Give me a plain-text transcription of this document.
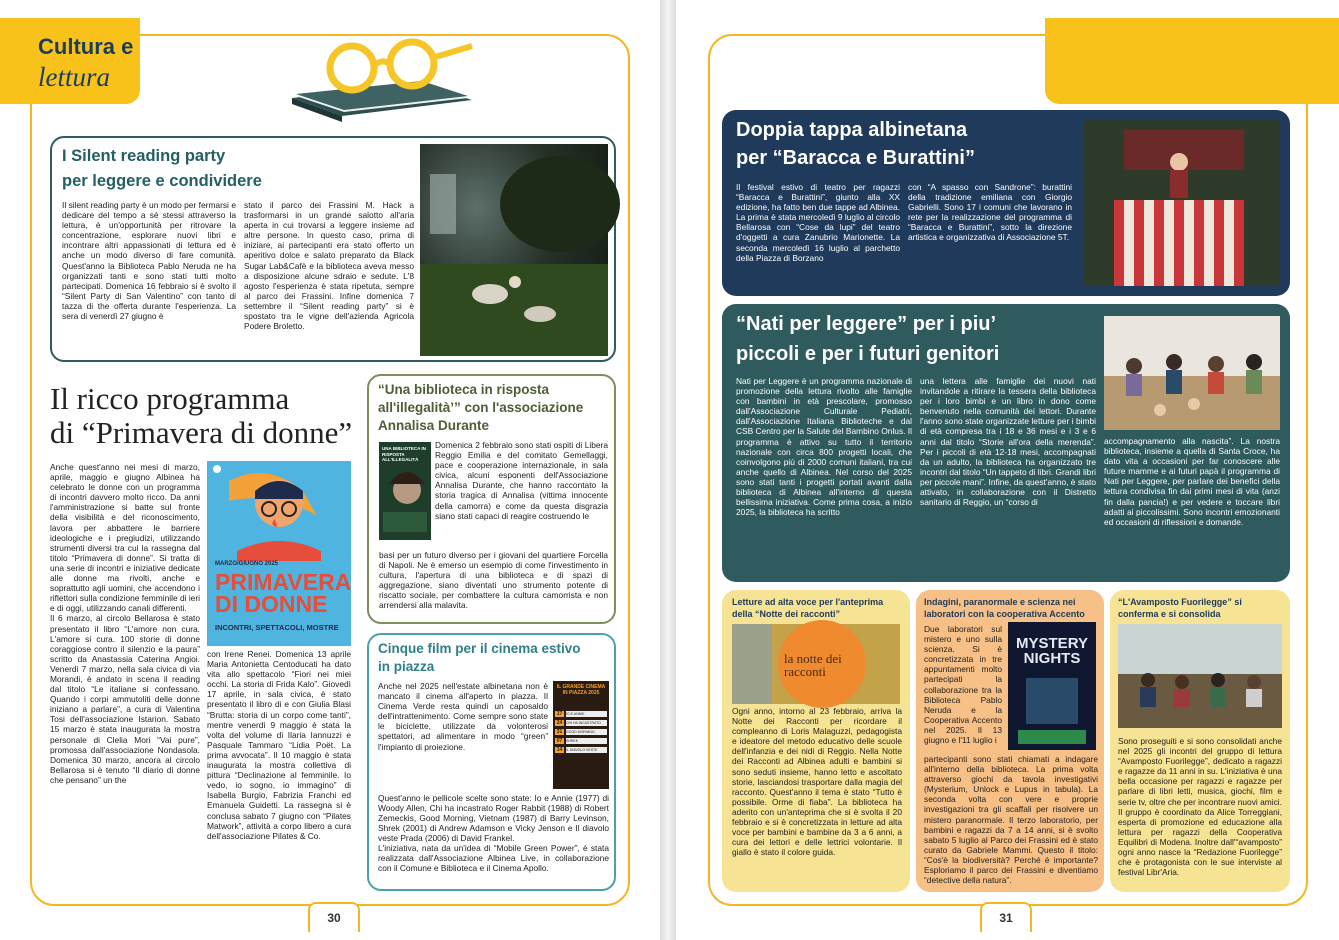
Cultura e
lettura
I Silent reading party
per leggere e condividere
Il silent reading party è un modo per fermarsi e dedicare del tempo a sé stessi attraverso la lettura, è un'opportunità per ritrovare la concentrazione, esplorare nuovi libri e incontrare altri appassionati di lettura ed è anche un modo diverso di fare comunità. Quest'anno la Biblioteca Pablo Neruda ne ha organizzati tanti e sono stati tutti molto partecipati. Domenica 16 febbraio si è svolto il “Silent Party di San Valentino” con tanto di tazza di the offerta durante l'esperienza. La sera di venerdì 27 giugno è
stato il parco dei Frassini M. Hack a trasformarsi in un grande salotto all'aria aperta in cui trovarsi a leggere insieme ad altre persone. In questo caso, prima di iniziare, ai partecipanti era stato offerto un aperitivo dolce e salato preparato da Black Sugar Lab&Cafè e la biblioteca aveva messo a disposizione alcune sdraio e sedute. L'8 agosto l'esperienza è stata ripetuta, sempre al parco dei Frassini. Infine domenica 7 settembre il “Silent reading party” si è spostato tra le vigne dell'azienda Agricola Podere Broletto.
Il ricco programma
di “Primavera di donne”
Anche quest'anno nei mesi di marzo, aprile, maggio e giugno Albinea ha celebrato le donne con un programma di incontri davvero molto ricco. Da anni l'amministrazione si batte sul fronte della visibilità e del riconoscimento, lavora per abbattere le barriere ideologiche e i pregiudizi, utilizzando strumenti diversi tra cui la rassegna dal titolo “Primavera di donne”. Si tratta di una serie di incontri e iniziative dedicate alle donne ma rivolti, anche e soprattutto agli uomini, che accendono i riflettori sulla condizione femminile di ieri e di oggi, utilizzando canali differenti.
Il 6 marzo, al circolo Bellarosa è stato presentato il libro “L'amore non cura. L'amore si cura. 100 storie di donne coraggiose contro il silenzio e la paura” scritto da Anastassia Caterina Angioi. Venerdì 7 marzo, nella sala civica di via Morandi, è andato in scena il reading dal titolo “Le italiane si confessano. Quando i corpi ammutoliti delle donne iniziano a parlare”, a cura di Valentina Tosi dell'associazione Istarion. Sabato 15 marzo è stata inaugurata la mostra personale di Clelia Mori “Vai pure”, promossa dall'associazione Nondasola. Domenica 30 marzo, ancora al circolo Bellarosa si è tenuto “Il diario di donne che pensano” un the
MARZO/GIUGNO 2025
PRIMAVERA
DI DONNE
INCONTRI, SPETTACOLI, MOSTRE
con Irene Renei. Domenica 13 aprile Maria Antonietta Centoducati ha dato vita allo spettacolo “Fiori nei miei occhi. La storia di Frida Kalo”. Giovedì 17 aprile, in sala civica, è stato presentato il libro di e con Giulia Blasi “Brutta: storia di un corpo come tanti”, mentre venerdì 9 maggio è stata la volta del volume di Ilaria Iannuzzi e Pasquale Tammaro “Lidia Poët. La prima avvocata”. Il 10 maggio è stata inaugurata la mostra collettiva di pittura “Declinazione al femminile. Io vedo, io sogno, io immagino” di Isabella Burgio, Fabrizia Franchi ed Emanuela Guidetti. La rassegna si è conclusa sabato 7 giugno con “Pilates Matwork”, attività a corpo libero a cura dell'associazione Pilates & Co.
“Una biblioteca in risposta
all'illegalità’” con l'associazione
Annalisa Durante
UNA BIBLIOTECA IN RISPOSTA ALL'ILLEGALITÀ
Domenica 2 febbraio sono stati ospiti di Libera Reggio Emilia e del comitato Gemellaggi, pace e cooperazione internazionale, in sala civica, alcuni esponenti dell'Associazione Annalisa Durante, che hanno raccontato la storia tragica di Annalisa (vittima innocente della camorra) e come da questa disgrazia siano stati capaci di reagire costruendo le
basi per un futuro diverso per i giovani del quartiere Forcella di Napoli. Ne è emerso un esempio di come l'investimento in cultura, l'apertura di una biblioteca e di spazi di aggregazione, siano diventati uno strumento potente di riscatto sociale, per combattere la cultura camorrista e non arrendersi alla malavita.
Cinque film per il cinema estivo
in piazza
Anche nel 2025 nell'estate albinetana non è mancato il cinema all'aperto in piazza. Il Cinema Verde resta quindi un caposaldo dell'intrattenimento. Come sempre sono state le biciclette, utilizzate da volonterosi spettatori, ad alimentare in modo “green” l'impianto di proiezione.
IL GRANDE CINEMA IN PIAZZA 2025
17	IO E ANNIE
24	CHI HA INCASTRATO
31	GOOD MORNING,
07	SHREK
14	IL DIAVOLO VESTE PRADA
Quest'anno le pellicole scelte sono state: Io e Annie (1977) di Woody Allen, Chi ha incastrato Roger Rabbit (1988) di Robert Zemeckis, Good Morning, Vietnam (1987) di Barry Levinson, Shrek (2001) di Andrew Adamson e Vicky Jenson e Il diavolo veste Prada (2006) di David Frankel.
L'iniziativa, nata da un'idea di “Mobile Green Power”, è stata realizzata dall'Associazione Albinea Live, in collaborazione con il Comune e Biblioteca e il Cinema Apollo.
30
Doppia tappa albinetana
per “Baracca e Burattini”
Il festival estivo di teatro per ragazzi “Baracca e Burattini”, giunto alla XX edizione, ha fatto ben due tappe ad Albinea. La prima è stata mercoledì 9 luglio al circolo Bellarosa con “Cose da lupi” del teatro d'oggetti a cura Zanubrio Marionette. La seconda mercoledì 16 luglio al parchetto della Piazza di Borzano
con “A spasso con Sandrone”: burattini della tradizione emiliana con Giorgio Gabrielli. Sono 17 i comuni che lavorano in rete per la realizzazione del programma di “Baracca e Burattini”, sotto la direzione artistica e organizzativa di Associazione 5T.
“Nati per leggere” per i piu’
piccoli e per i futuri genitori
Nati per Leggere è un programma nazionale di promozione della lettura rivolto alle famiglie con bambini in età prescolare, promosso dall'Associazione Culturale Pediatri, dall'Associazione Italiana Biblioteche e dal CSB Centro per la Salute del Bambino Onlus. Il programma è attivo su tutto il territorio nazionale con circa 800 progetti locali, che coinvolgono più di 2000 comuni italiani, tra cui anche quello di Albinea. Nel corso del 2025 sono stati tanti i progetti portati avanti dalla biblioteca di Albinea all'interno di questa bellissima iniziativa. Come prima cosa, a inizio 2025, la biblioteca ha scritto
una lettera alle famiglie dei nuovi nati invitandole a ritirare la tessera della biblioteca per i loro bimbi e un libro in dono come benvenuto nella comunità dei lettori. Durante l'anno sono state organizzate letture per i bimbi di età compresa tra i 18 e 36 mesi e i 3 e 6 anni dal titolo “Storie all'ora della merenda”. Per i piccoli di età 12-18 mesi, accompagnati da un adulto, la biblioteca ha organizzato tre incontri dal titolo “Un tappeto di libri. Grandi libri per piccole mani”. Infine, da quest'anno, è stato attivato, in collaborazione con il Distretto sanitario di Reggio, un “corso di
accompagnamento alla nascita”. La nostra biblioteca, insieme a quella di Santa Croce, ha dato vita a occasioni per far conoscere alle future mamme e ai futuri papà il programma di Nati per Leggere, per parlare dei benefici della lettura condivisa fin dai primi mesi di vita (anzi fin dalla pancia!) e per vedere e toccare libri adatti ai piccolissimi. Sono incontri emozionanti ed occasioni di riflessioni e domande.
Letture ad alta voce per l'anteprima della “Notte dei racconti”
la notte dei racconti
Ogni anno, intorno al 23 febbraio, arriva la Notte dei Racconti per ricordare il compleanno di Loris Malaguzzi, pedagogista e ideatore del metodo educativo delle scuole dell'infanzia e dei nidi di Reggio. Nella Notte dei Racconti ad Albinea adulti e bambini si sono seduti insieme, hanno letto e ascoltato storie, lasciandosi trasportare dalla magia del racconto. Quest'anno il tema è stato “Tutto è possibile. Orme di fiaba”. La biblioteca ha aderito con un'anteprima che si è svolta il 20 febbraio e si è concretizzata in letture ad alta voce per bambini e bambine da 3 a 6 anni, a cura dei lettori e delle lettrici volontarie. Il giallo è stato il colore guida.
Indagini, paranormale e scienza nei laboratori con la cooperativa Accento
Due laboratori sul mistero e uno sulla scienza. Si è concretizzata in tre appuntamenti molto partecipati la collaborazione tra la Biblioteca Pablo Neruda e la Cooperativa Accento nel 2025. Il 13 giugno e l'11 luglio i
MYSTERY NIGHTS
partecipanti sono stati chiamati a indagare all'interno della biblioteca. La prima volta attraverso giochi da tavola investigativi (Mysterium, Unlock e Lupus in tabula). La seconda volta con vere e proprie investigazioni tra gli scaffali per risolvere un mistero paranormale. Il terzo laboratorio, per bambini e ragazzi da 7 a 14 anni, si è svolto sabato 5 luglio al Parco dei Frassini ed è stato curato da Gabriele Mammi. Questo il titolo: “Cos'è la biodiversità? Perché è importante? Esploriamo il parco dei Frassini e diventiamo “detective della natura”.
“L'Avamposto Fuorilegge” si conferma e si consolida
Sono proseguiti e si sono consolidati anche nel 2025 gli incontri del gruppo di lettura “Avamposto Fuorilegge”, dedicato a ragazzi e ragazze da 11 anni in su. L'iniziativa è una bella occasione per ragazzi e ragazze per parlare di libri letti, musica, giochi, film e serie tv, oltre che per incontrare nuovi amici. Il gruppo è coordinato da Alice Torreggiani, esperta di promozione ed educazione alla lettura per ragazzi della Cooperativa Equilibri di Modena. Inoltre dall'“avamposto” ogni anno nasce la “Redazione Fuorilegge” che è protagonista con le sue interviste al festival Libr'Aria.
31
